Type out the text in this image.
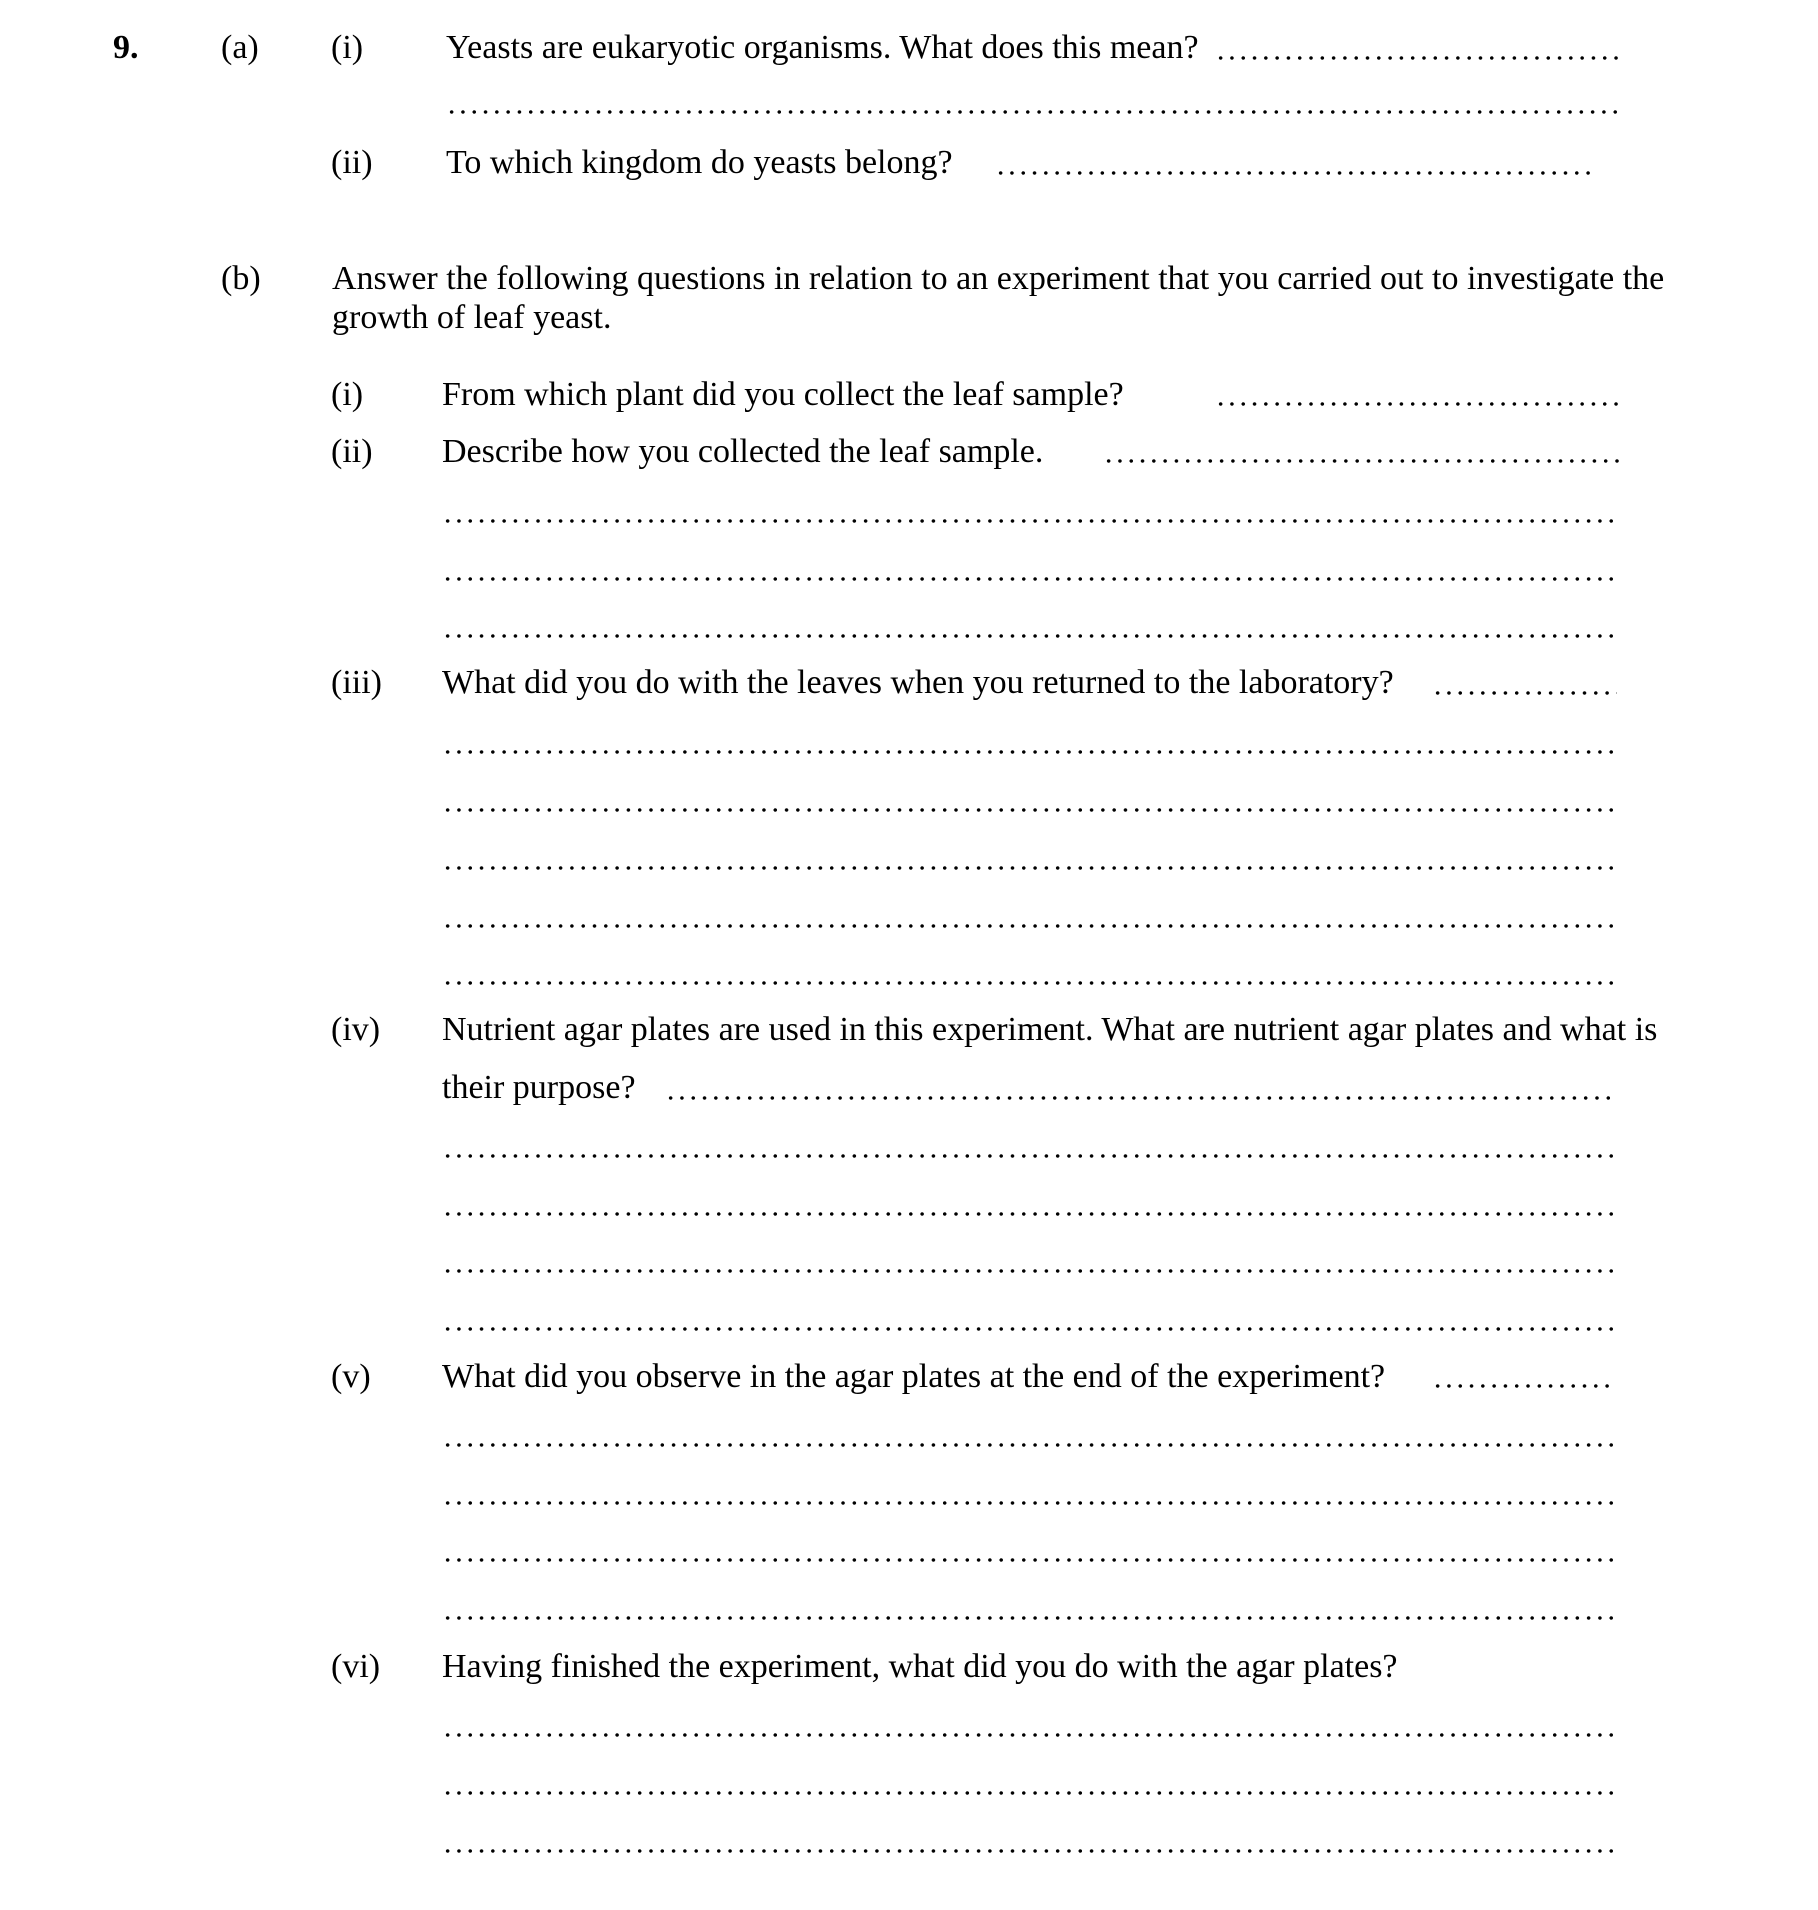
9. (a) (i) Yeasts are eukaryotic organisms. What does this mean?
(ii) To which kingdom do yeasts belong?
(b) Answer the following questions in relation to an experiment that you carried out to investigate the
growth of leaf yeast.
(i) From which plant did you collect the leaf sample?
(ii) Describe how you collected the leaf sample.
(iii) What did you do with the leaves when you returned to the laboratory?
(iv) Nutrient agar plates are used in this experiment. What are nutrient agar plates and what is
their purpose?
(v) What did you observe in the agar plates at the end of the experiment?
(vi) Having finished the experiment, what did you do with the agar plates?
